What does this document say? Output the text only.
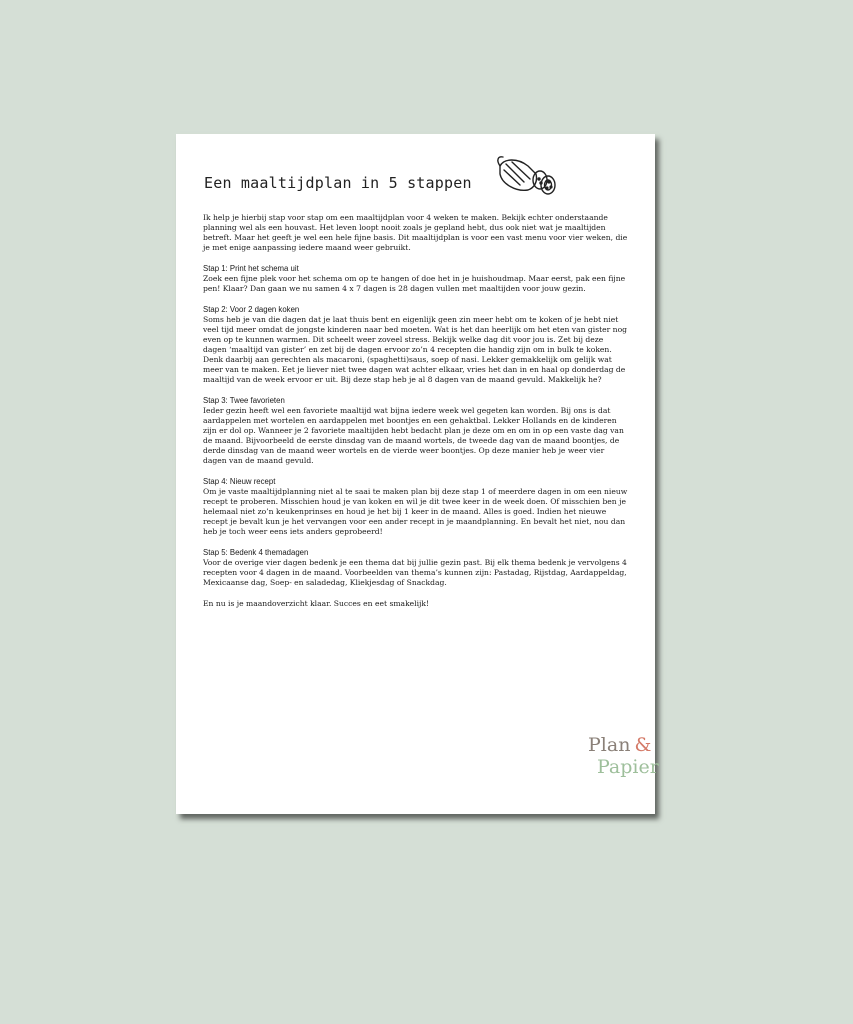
Een maaltijdplan in 5 stappen

Ik help je hierbij stap voor stap om een maaltijdplan voor 4 weken te maken. Bekijk echter onderstaande planning wel als een houvast. Het leven loopt nooit zoals je gepland hebt, dus ook niet wat je maaltijden betreft. Maar het geeft je wel een hele fijne basis. Dit maaltijdplan is voor een vast menu voor vier weken, die je met enige aanpassing iedere maand weer gebruikt.

Stap 1: Print het schema uit

Zoek een fijne plek voor het schema om op te hangen of doe het in je huishoudmap. Maar eerst, pak een fijne pen! Klaar? Dan gaan we nu samen 4 x 7 dagen is 28 dagen vullen met maaltijden voor jouw gezin.

Stap 2: Voor 2 dagen koken

Soms heb je van die dagen dat je laat thuis bent en eigenlijk geen zin meer hebt om te koken of je hebt niet veel tijd meer omdat de jongste kinderen naar bed moeten. Wat is het dan heerlijk om het eten van gister nog even op te kunnen warmen. Dit scheelt weer zoveel stress. Bekijk welke dag dit voor jou is. Zet bij deze dagen ‘maaltijd van gister’ en zet bij de dagen ervoor zo’n 4 recepten die handig zijn om in bulk te koken. Denk daarbij aan gerechten als macaroni, (spaghetti)saus, soep of nasi. Lekker gemakkelijk om gelijk wat meer van te maken. Eet je liever niet twee dagen wat achter elkaar, vries het dan in en haal op donderdag de maaltijd van de week ervoor er uit. Bij deze stap heb je al 8 dagen van de maand gevuld. Makkelijk he?

Stap 3: Twee favorieten

Ieder gezin heeft wel een favoriete maaltijd wat bijna iedere week wel gegeten kan worden. Bij ons is dat aardappelen met wortelen en aardappelen met boontjes en een gehaktbal. Lekker Hollands en de kinderen zijn er dol op. Wanneer je 2 favoriete maaltijden hebt bedacht plan je deze om en om in op een vaste dag van de maand. Bijvoorbeeld de eerste dinsdag van de maand wortels, de tweede dag van de maand boontjes, de derde dinsdag van de maand weer wortels en de vierde weer boontjes. Op deze manier heb je weer vier dagen van de maand gevuld.

Stap 4: Nieuw recept

Om je vaste maaltijdplanning niet al te saai te maken plan bij deze stap 1 of meerdere dagen in om een nieuw recept te proberen. Misschien houd je van koken en wil je dit twee keer in de week doen. Of misschien ben je helemaal niet zo’n keukenprinses en houd je het bij 1 keer in de maand. Alles is goed. Indien het nieuwe recept je bevalt kun je het vervangen voor een ander recept in je maandplanning. En bevalt het niet, nou dan heb je toch weer eens iets anders geprobeerd!

Stap 5: Bedenk 4 themadagen

Voor de overige vier dagen bedenk je een thema dat bij jullie gezin past. Bij elk thema bedenk je vervolgens 4 recepten voor 4 dagen in de maand. Voorbeelden van thema’s kunnen zijn: Pastadag, Rijstdag, Aardappeldag, Mexicaanse dag, Soep- en saladedag, Kliekjesdag of Snackdag.

En nu is je maandoverzicht klaar. Succes en eet smakelijk!

Plan &
Papier
